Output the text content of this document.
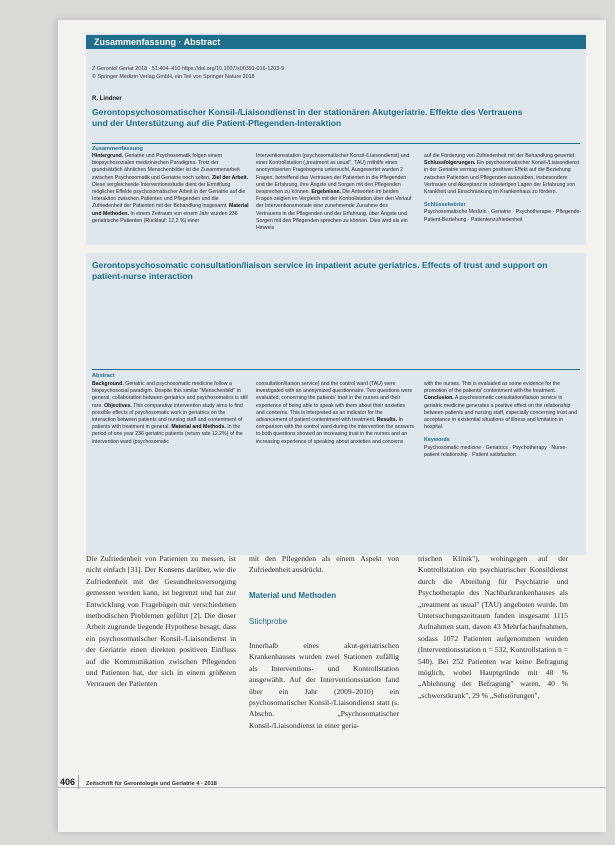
Zusammenfassung · Abstract
Z Gerontol Geriat 2018 · 51:404–410 https://doi.org/10.1007/s00391-016-1203-9
© Springer Medizin Verlag GmbH, ein Teil von Springer Nature 2018
R. Lindner
Gerontopsychosomatischer Konsil-/Liaisondienst in der stationären Akutgeriatrie. Effekte des Vertrauens und der Unterstützung auf die Patient-Pflegenden-Interaktion
Zusammenfassung
Hintergrund. Geriatrie und Psychosomatik folgen einem biopsychosozialen medizinischen Paradigma. Trotz der grundsätzlich ähnlichen Menschenbilder ist die Zusammenarbeit zwischen Psychosomatik und Geriatrie noch selten. Ziel der Arbeit. Diese vergleichende Interventionsstudie dient der Ermittlung möglicher Effekte psychosomatischer Arbeit in der Geriatrie auf die Interaktion zwischen Patienten und Pflegenden und die Zufriedenheit der Patienten mit der Behandlung insgesamt. Material und Methoden. In einem Zeitraum von einem Jahr wurden 236 geriatrische Patienten (Rücklauf: 12,2 %) einer
Interventionsstation (psychosomatischer Konsil-/Liaisondienst) und einer Kontrollstation („treatment as usual", TAU) mithilfe eines anonymisierten Fragebogens untersucht. Ausgewertet wurden 2 Fragen, betreffend das Vertrauen der Patienten in die Pflegenden und die Erfahrung, ihre Ängste und Sorgen mit den Pflegenden besprechen zu können. Ergebnisse. Die Antworten im beiden Fragen zeigten im Vergleich mit der Kontrollstation über den Verlauf der Interventionsmonate eine zunehmende Zunahme des Vertrauens in die Pflegenden und der Erfahrung, über Ängste und Sorgen mit den Pflegenden sprechen zu können. Dies wird als ein Hinweis
auf die Förderung von Zufriedenheit mit der Behandlung gewertet. Schlussfolgerungen. Ein psychosomatischer Konsil-/Liaisondienst in der Geriatrie vermag einen positiven Effekt auf die Beziehung zwischen Patienten und Pflegenden auszuüben, insbesondere Vertrauen und Akzeptanz in schwierigen Lagen der Erfahrung von Krankheit und Einschränkung im Krankenhaus zu fördern.
Schlüsselwörter
Psychosomatische Medizin · Geriatrie · Psychotherapie · Pflegende-Patient-Beziehung · Patientenzufriedenheit
Gerontopsychosomatic consultation/liaison service in inpatient acute geriatrics. Effects of trust and support on patient-nurse interaction
Abstract
Background. Geriatric and psychosomatic medicine follow a biopsychosocial paradigm. Despite this similar "Menschenbild" in general, collaboration between geriatrics and psychosomatics is still rare. Objectives. This comparative intervention study aims to find possible effects of psychosomatic work in geriatrics on the interaction between patients and nursing staff and contentment of patients with treatment in general. Material and Methods. In the period of one year 236 geriatric patients (return rate 12.2%) of the intervention ward (psychosomatic
consultation/liaison service) and the control ward (TAU) were investigated with an anonymized questionnaire. Two questions were evaluated, concerning the patients' trust in the nurses and their experience of being able to speak with them about their anxieties and concerns. This is interpreted as an indicator for the advancement of patient contentment with treatment. Results. In comparison with the control ward during the intervention the answers to both questions showed an increasing trust in the nurses and an increasing experience of speaking about anxieties and concerns
with the nurses. This is evaluated as some evidence for the promotion of the patients' contentment with the treatment. Conclusion. A psychosomatic consultation/liaison service in geriatric medicine generates a positive effect on the relationship between patients and nursing staff, especially concerning trust and acceptance in existential situations of illness and limitation in hospital.
Keywords
Psychosomatic medicine · Geriatrics · Psychotherapy · Nurse-patient relationship · Patient satisfaction
Die Zufriedenheit von Patienten zu messen, ist nicht einfach [31]. Der Konsens darüber, wie die Zufriedenheit mit der Gesundheitsversorgung gemessen werden kann, ist begrenzt und hat zur Entwicklung von Fragebögen mit verschiedenen methodischen Problemen geführt [2]. Die dieser Arbeit zugrunde liegende Hypothese besagt, dass ein psychosomatischer Konsil-/Liaisondienst in der Geriatrie einen direkten positiven Einfluss auf die Kommunikation zwischen Pflegenden und Patienten hat, der sich in einem größeren Vertrauen der Patienten
mit den Pflegenden als einem Aspekt von Zufriedenheit ausdrückt.
Material und Methoden
Stichprobe
Innerhalb eines akut-geriatrischen Krankenhauses wurden zwei Stationen zufällig als Interventions- und Kontrollstation ausgewählt. Auf der Interventionsstation fand über ein Jahr (2009–2010) ein psychosomatischer Konsil-/Liaisondienst statt (s. Abschn. „Psychosomatischer Konsil-/Liaisondienst in einer geria-
trischen Klinik"), wohingegen auf der Kontrollstation ein psychiatrischer Konsildienst durch die Abteilung für Psychiatrie und Psychotherapie des Nachbarkrankenhauses als „treatment as usual" (TAU) angeboten wurde. Im Untersuchungszeitraum fanden insgesamt 1115 Aufnahmen statt, davon 43 Mehrfachaufnahmen, sodass 1072 Patienten aufgenommen wurden (Interventionsstation n = 532, Kontrollstation n = 540). Bei 252 Patienten war keine Befragung möglich, wobei Hauptgründe mit 48 % „Ablehnung der Befragung" waren, 40 % „schwerstkrank", 29 % „Sehstörungen",
406 Zeitschrift für Gerontologie und Geriatrie 4 · 2018
